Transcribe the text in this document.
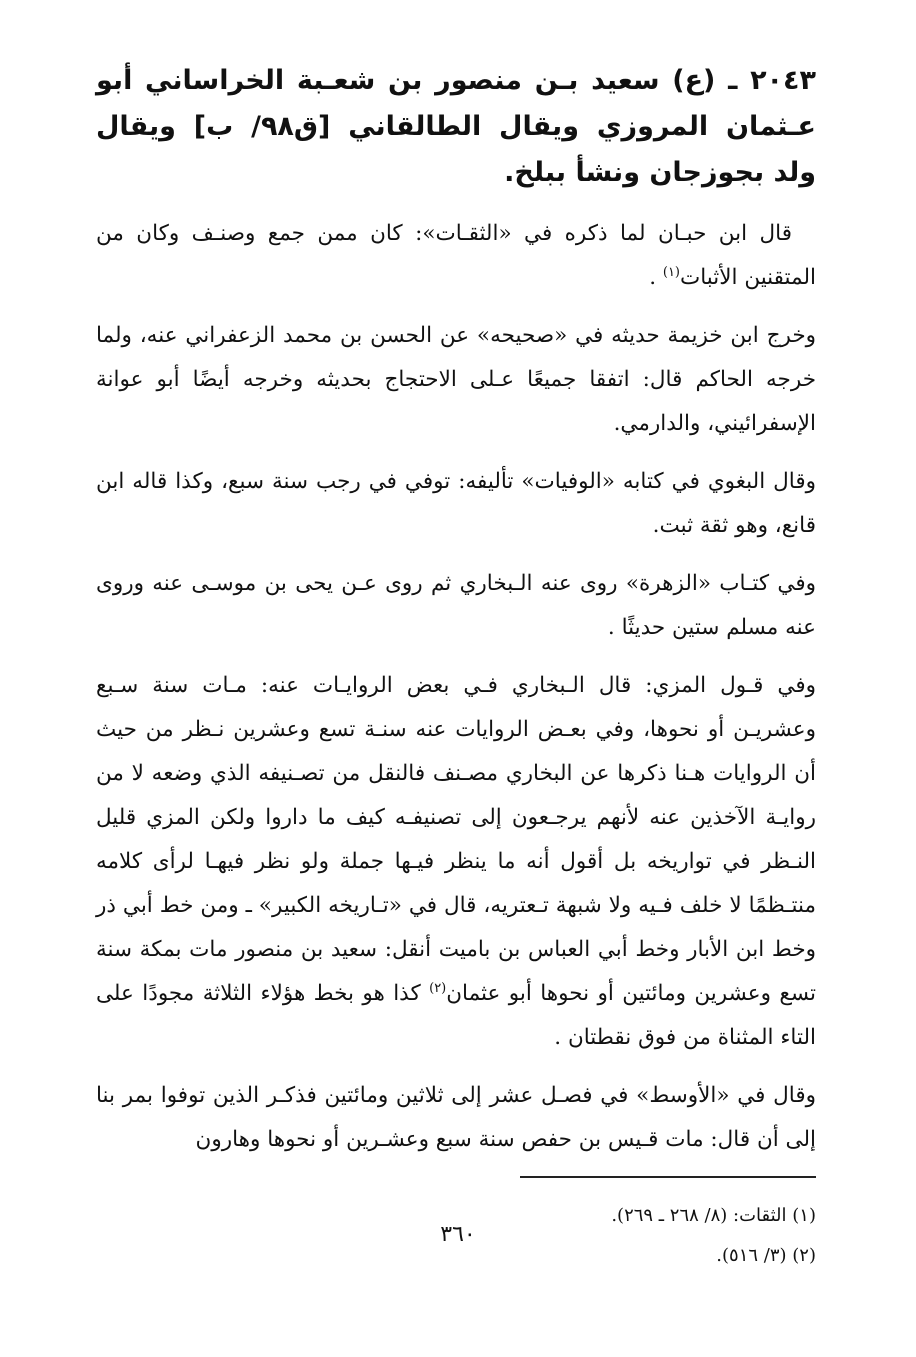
٢٠٤٣ ـ (ع) سعيد بـن منصور بن شعـبة الخراساني أبو عـثمان المروزي ويقال الطالقاني [ق٩٨/ ب] ويقال ولد بجوزجان ونشأ ببلخ.

قال ابن حبـان لما ذكره في «الثقـات»: كان ممن جمع وصنـف وكان من المتقنين الأثبات$^{(١)}$ .

وخرج ابن خزيمة حديثه في «صحيحه» عن الحسن بن محمد الزعفراني عنه، ولما خرجه الحاكم قال: اتفقا جميعًا عـلى الاحتجاج بحديثه وخرجه أيضًا أبو عوانة الإسفرائيني، والدارمي.

وقال البغوي في كتابه «الوفيات» تأليفه: توفي في رجب سنة سبع، وكذا قاله ابن قانع، وهو ثقة ثبت.

وفي كتـاب «الزهرة» روى عنه الـبخاري ثم روى عـن يحى بن موسـى عنه وروى عنه مسلم ستين حديثًا .

وفي قـول المزي: قال الـبخاري فـي بعض الروايـات عنه: مـات سنة سـبع وعشريـن أو نحوها، وفي بعـض الروايات عنه سنـة تسع وعشرين نـظر من حيث أن الروايات هـنا ذكرها عن البخاري مصـنف فالنقل من تصـنيفه الذي وضعه لا من روايـة الآخذين عنه لأنهم يرجـعون إلى تصنيفـه كيف ما داروا ولكن المزي قليل النـظر في تواريخه بل أقول أنه ما ينظر فيـها جملة ولو نظر فيهـا لرأى كلامه منتـظمًا لا خلف فـيه ولا شبهة تـعتريه، قال في «تـاريخه الكبير» ـ ومن خط أبي ذر وخط ابن الأبار وخط أبي العباس بن باميت أنقل: سعيد بن منصور مات بمكة سنة تسع وعشرين ومائتين أو نحوها أبو عثمان$^{(٢)}$ كذا هو بخط هؤلاء الثلاثة مجودًا على التاء المثناة من فوق نقطتان .

وقال في «الأوسط» في فصـل عشر إلى ثلاثين ومائتين فذكـر الذين توفوا بمر بنا إلى أن قال: مات قـيس بن حفص سنة سبع وعشـرين أو نحوها وهارون

(١) الثقات: (٨/ ٢٦٨ ـ ٢٦٩).

(٢) (٣/ ٥١٦).

٣٦٠
